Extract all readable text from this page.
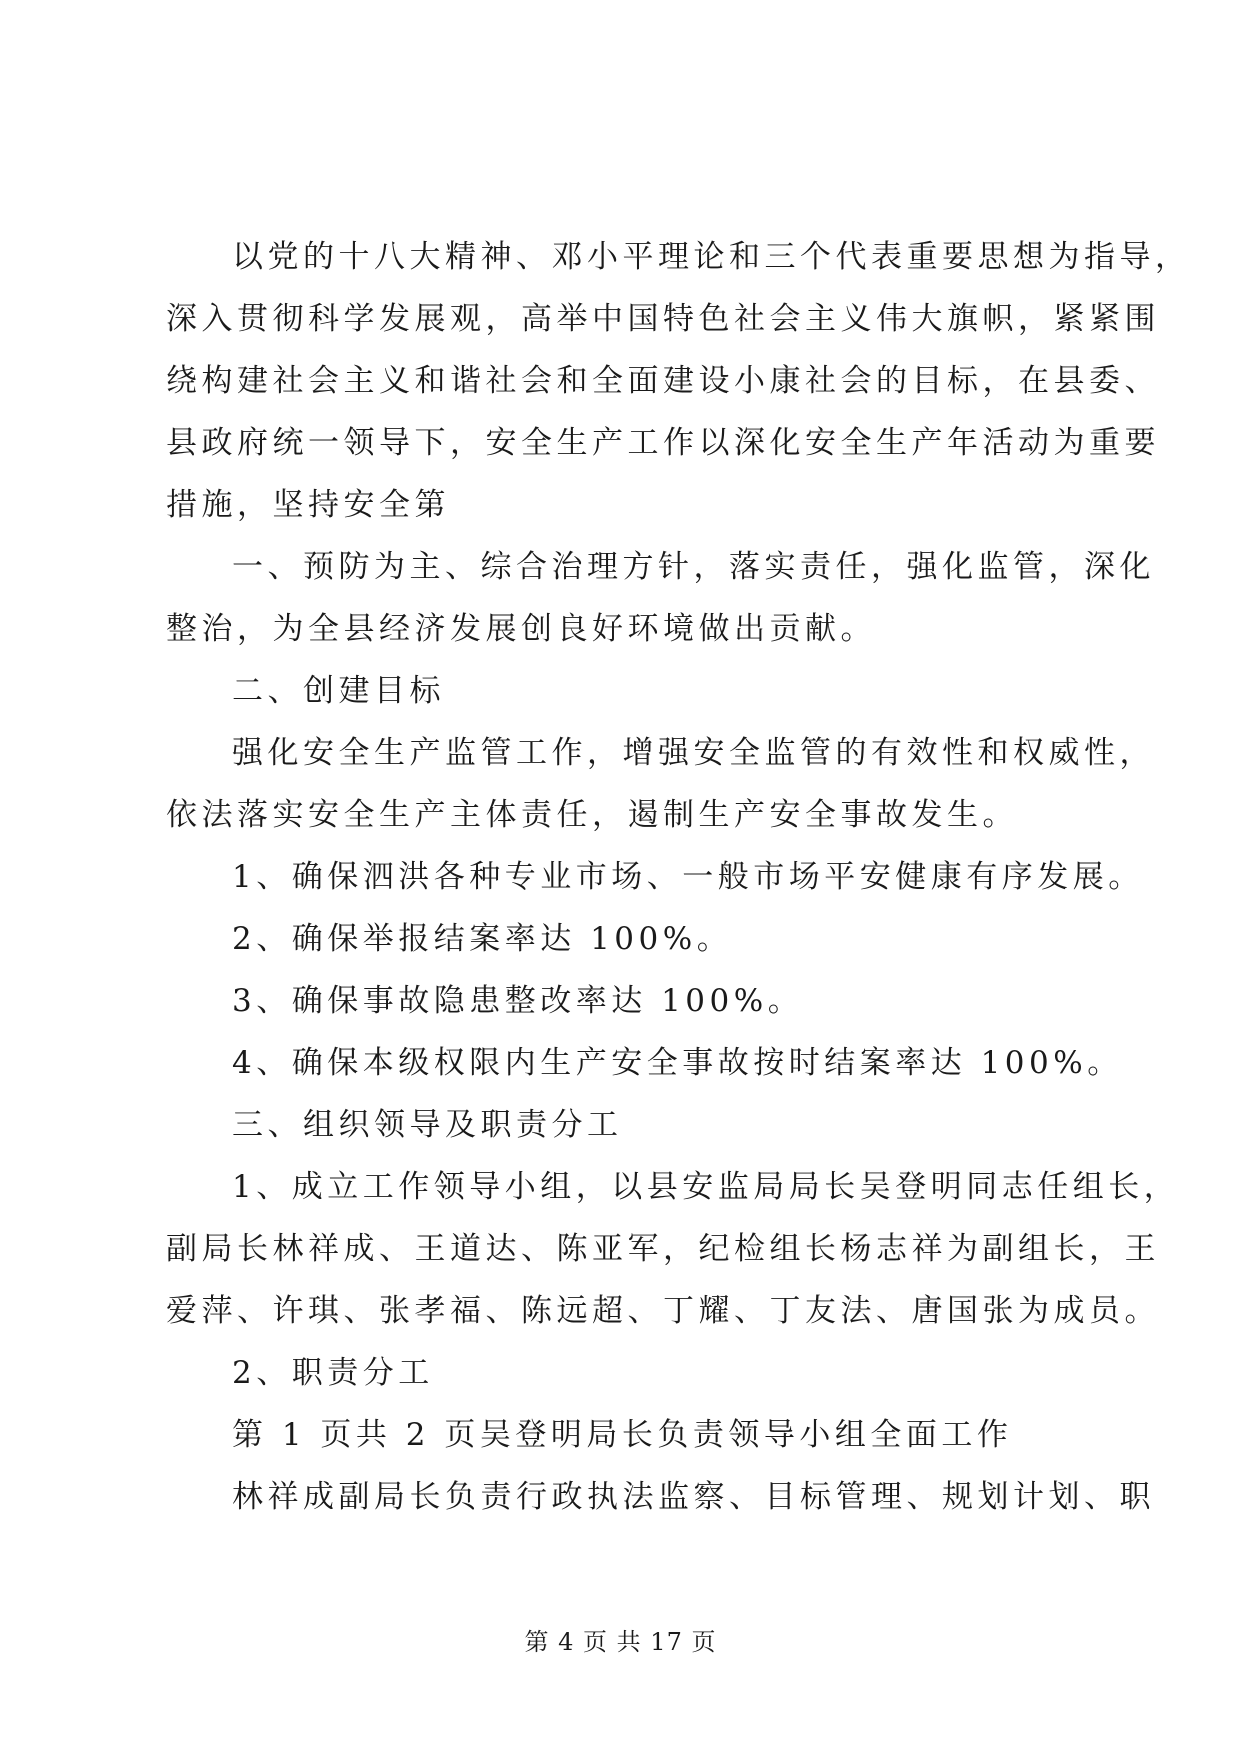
以党的十八大精神、邓小平理论和三个代表重要思想为指导，
深入贯彻科学发展观，高举中国特色社会主义伟大旗帜，紧紧围
绕构建社会主义和谐社会和全面建设小康社会的目标，在县委、
县政府统一领导下，安全生产工作以深化安全生产年活动为重要
措施，坚持安全第
一、预防为主、综合治理方针，落实责任，强化监管，深化
整治，为全县经济发展创良好环境做出贡献。
二、创建目标
强化安全生产监管工作，增强安全监管的有效性和权威性，
依法落实安全生产主体责任，遏制生产安全事故发生。
1、确保泗洪各种专业市场、一般市场平安健康有序发展。
2、确保举报结案率达 100%。
3、确保事故隐患整改率达 100%。
4、确保本级权限内生产安全事故按时结案率达 100%。
三、组织领导及职责分工
1、成立工作领导小组，以县安监局局长吴登明同志任组长，
副局长林祥成、王道达、陈亚军，纪检组长杨志祥为副组长，王
爱萍、许琪、张孝福、陈远超、丁耀、丁友法、唐国张为成员。
2、职责分工
第 1 页共 2 页吴登明局长负责领导小组全面工作
林祥成副局长负责行政执法监察、目标管理、规划计划、职
第 4 页 共 17 页
